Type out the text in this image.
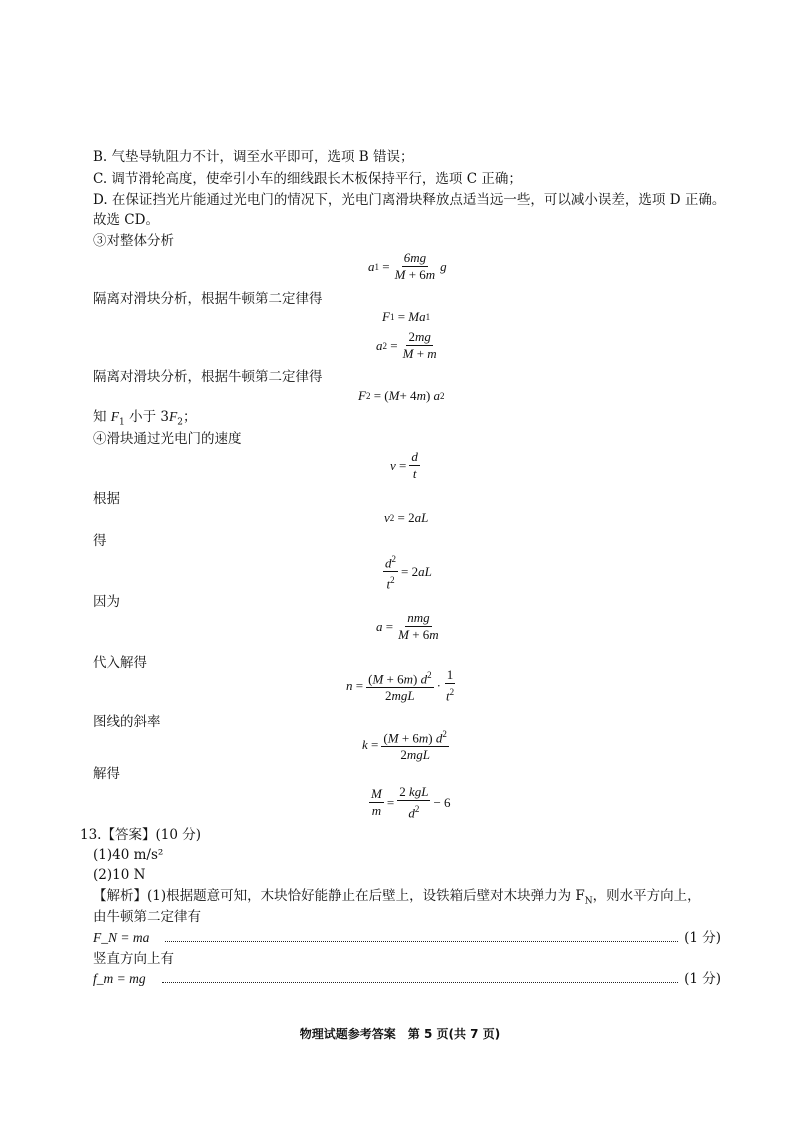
B. 气垫导轨阻力不计，调至水平即可，选项 B 错误；
C. 调节滑轮高度，使牵引小车的细线跟长木板保持平行，选项 C 正确；
D. 在保证挡光片能通过光电门的情况下，光电门离滑块释放点适当远一些，可以减小误差，选项 D 正确。
故选 CD。
③对整体分析
a $1 = \frac{6mg}{M + 6m}$ g
隔离对滑块分析，根据牛顿第二定律得
F 1 = Ma 1
a $2 = \frac{2mg}{M + m}$
隔离对滑块分析，根据牛顿第二定律得
F 2 = ( M + 4 m ) a 2
知 $F_1$ 小于 $3F_2$；
④滑块通过光电门的速度
$v = \frac{d}{t}$
根据
v 2 = 2 aL
得
$\frac{d^2}{t^2} = 2$ aL
因为
$a = \frac{\text{nmg}}{M + 6m}$
代入解得
$n = \frac{(M + 6m) d^2}{\text{2mgL}} \cdot \frac{1}{t^2}$
图线的斜率
$k = \frac{(M + 6m) d^2}{\text{2mgL}}$
解得
$\frac{M}{m} = \frac{\text{2 kgL}}{d^2} - 6$
13.【答案】(10 分)
(1)40 m/s²
(2)10 N
【解析】(1)根据题意可知，木块恰好能静止在后壁上，设铁箱后壁对木块弹力为 $F_N$，则水平方向上，
由牛顿第二定律有
F_N = ma	(1 分)
竖直方向上有
f_m = mg	(1 分)
物理试题参考答案　第 5 页(共 7 页)
